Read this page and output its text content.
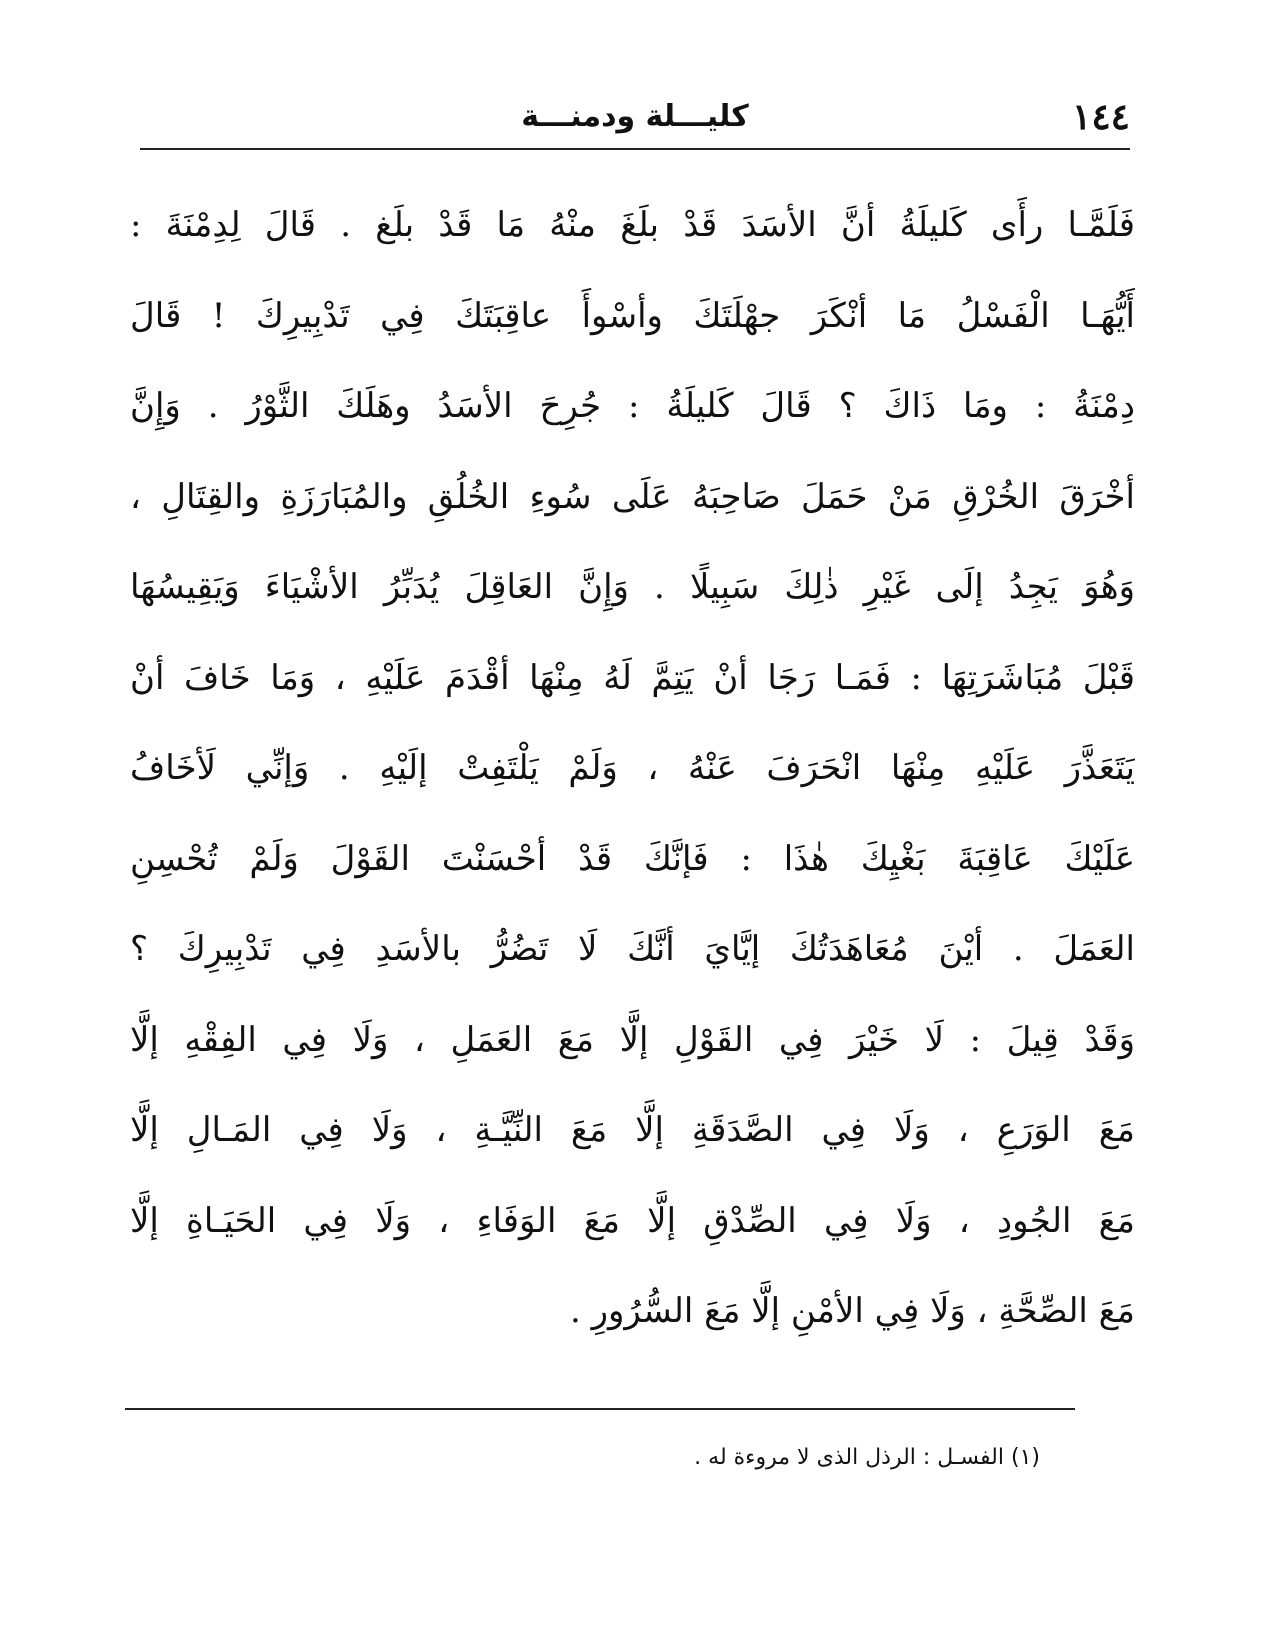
١٤٤
كليـــلة ودمنـــة
فَلَمَّـا رأَى كَليلَةُ أنَّ الأسَدَ قَدْ بلَغَ منْهُ مَا قَدْ بلَغ . قَالَ لِدِمْنَةَ :
أَيُّهَـا الْفَسْلُ مَا أنْكَرَ جهْلَتَكَ وأسْوأَ عاقِبَتَكَ فِي تَدْبِيرِكَ ! قَالَ
دِمْنَةُ : ومَا ذَاكَ ؟ قَالَ كَليلَةُ : جُرِحَ الأسَدُ وهَلَكَ الثَّوْرُ . وَإِنَّ
أخْرَقَ الخُرْقِ مَنْ حَمَلَ صَاحِبَهُ عَلَى سُوءِ الخُلُقِ والمُبَارَزَةِ والقِتَالِ ،
وَهُوَ يَجِدُ إلَى غَيْرِ ذٰلِكَ سَبِيلًا . وَإِنَّ العَاقِلَ يُدَبِّرُ الأشْيَاءَ وَيَقِيسُهَا
قَبْلَ مُبَاشَرَتِهَا : فَمَـا رَجَا أنْ يَتِمَّ لَهُ مِنْهَا أقْدَمَ عَلَيْهِ ، وَمَا خَافَ أنْ
يَتَعَذَّرَ عَلَيْهِ مِنْهَا انْحَرَفَ عَنْهُ ، وَلَمْ يَلْتَفِتْ إلَيْهِ . وَإنِّي لَأخَافُ
عَلَيْكَ عَاقِبَةَ بَغْيِكَ هٰذَا : فَإنَّكَ قَدْ أحْسَنْتَ القَوْلَ وَلَمْ تُحْسِنِ
العَمَلَ . أيْنَ مُعَاهَدَتُكَ إيَّايَ أنَّكَ لَا تَضُرُّ بالأسَدِ فِي تَدْبِيرِكَ ؟
وَقَدْ قِيلَ : لَا خَيْرَ فِي القَوْلِ إلَّا مَعَ العَمَلِ ، وَلَا فِي الفِقْهِ إلَّا
مَعَ الوَرَعِ ، وَلَا فِي الصَّدَقَةِ إلَّا مَعَ النِّيَّـةِ ، وَلَا فِي المَـالِ إلَّا
مَعَ الجُودِ ، وَلَا فِي الصِّدْقِ إلَّا مَعَ الوَفَاءِ ، وَلَا فِي الحَيَـاةِ إلَّا
مَعَ الصِّحَّةِ ، وَلَا فِي الأمْنِ إلَّا مَعَ السُّرُورِ .
(١) الفسـل : الرذل الذى لا مروءة له .
